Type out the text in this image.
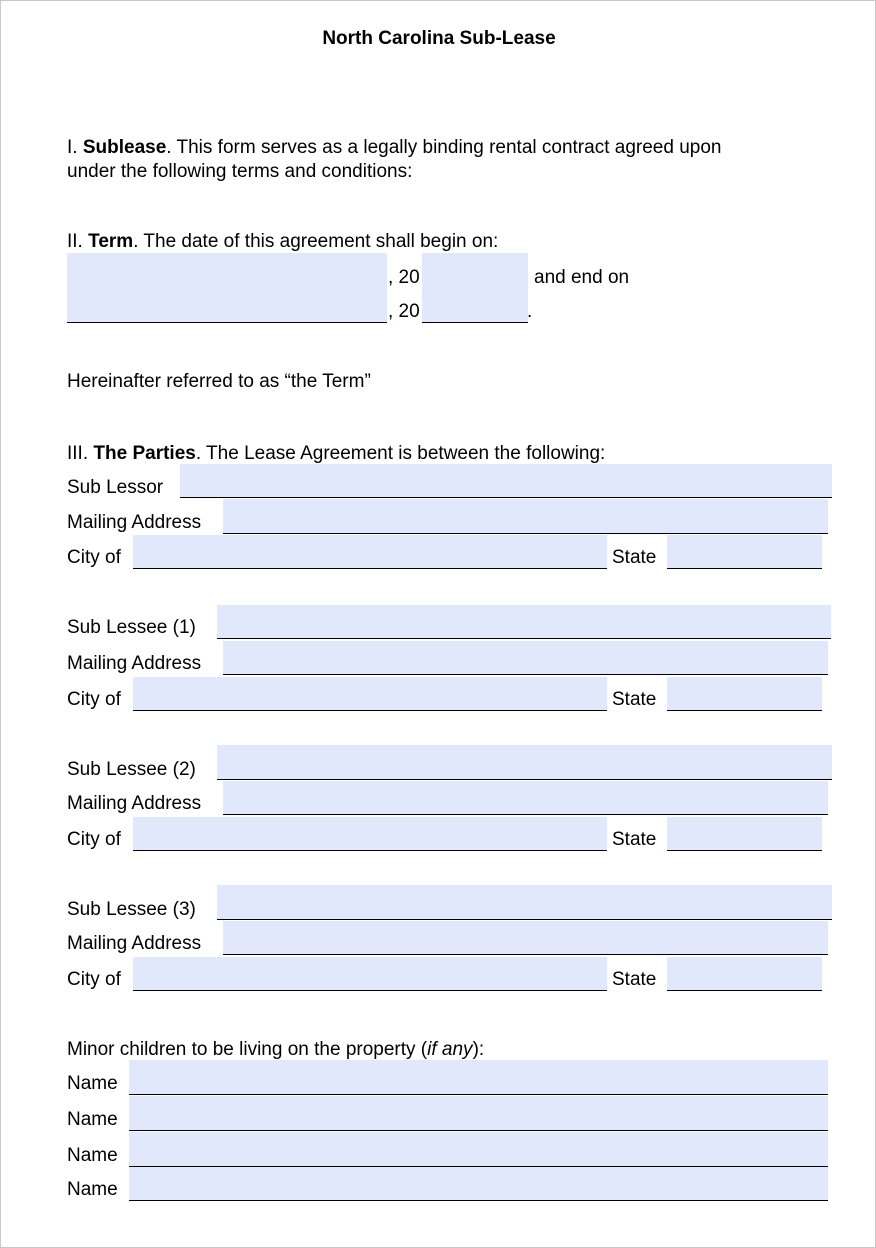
North Carolina Sub-Lease
I. Sublease. This form serves as a legally binding rental contract agreed upon
under the following terms and conditions:
II. Term. The date of this agreement shall begin on:
, 20	and end on
, 20	.
Hereinafter referred to as “the Term”
III. The Parties. The Lease Agreement is between the following:
Sub Lessor
Mailing Address
City of	State
Sub Lessee (1)
Mailing Address
City of	State
Sub Lessee (2)
Mailing Address
City of	State
Sub Lessee (3)
Mailing Address
City of	State
Minor children to be living on the property (if any):
Name
Name
Name
Name
